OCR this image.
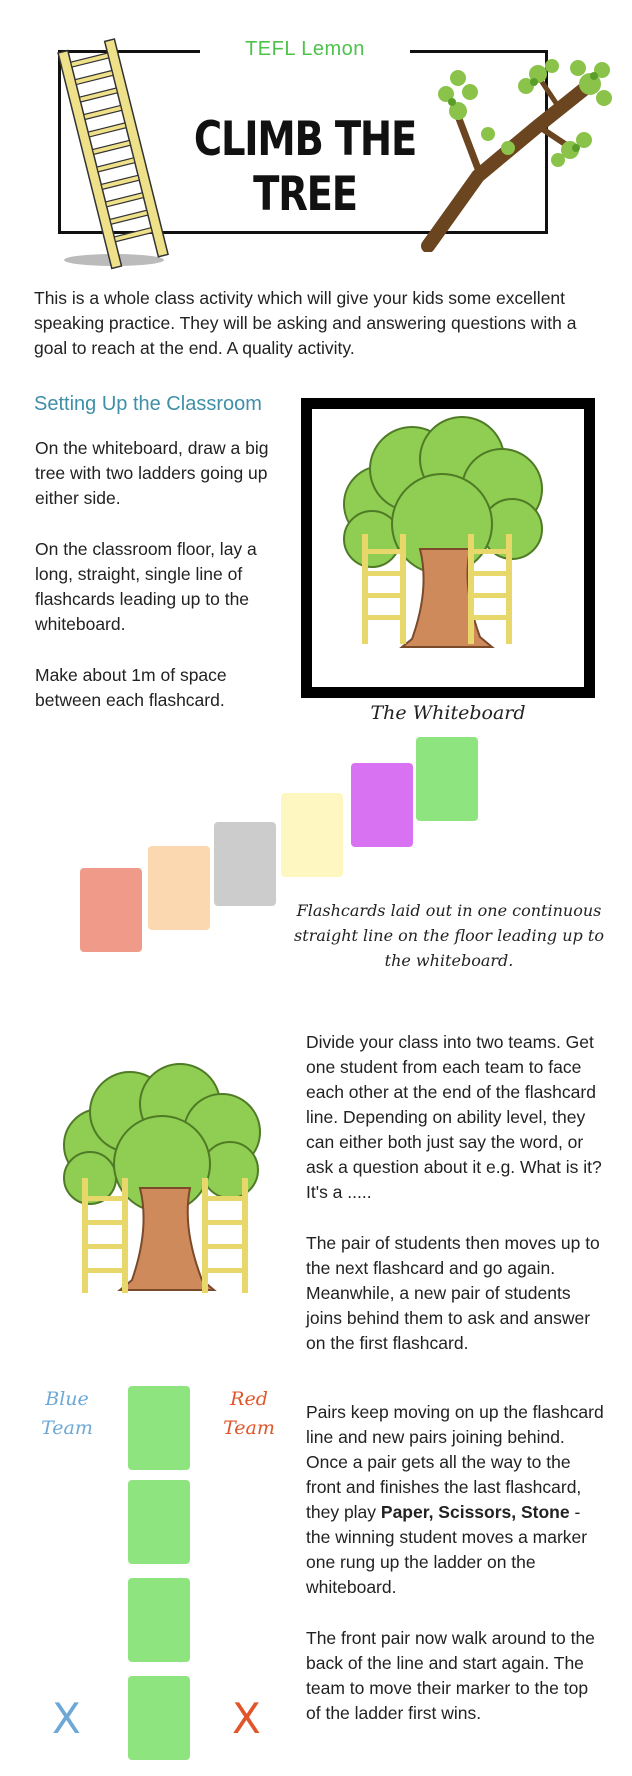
TEFL Lemon
CLIMB THE TREE
This is a whole class activity which will give your kids some excellent speaking practice. They will be asking and answering questions with a goal to reach at the end. A quality activity.
Setting Up the Classroom

On the whiteboard, draw a big tree with two ladders going up either side.

On the classroom floor, lay a long, straight, single line of flashcards leading up to the whiteboard.

Make about 1m of space between each flashcard.

The Whiteboard
Flashcards laid out in one continuous straight line on the floor leading up to the whiteboard.

Divide your class into two teams. Get one student from each team to face each other at the end of the flashcard line. Depending on ability level, they can either both just say the word, or ask a question about it e.g. What is it? It's a .....

The pair of students then moves up to the next flashcard and go again. Meanwhile, a new pair of students joins behind them to ask and answer on the first flashcard.

Blue Team
Red Team
X	X

Pairs keep moving on up the flashcard line and new pairs joining behind. Once a pair gets all the way to the front and finishes the last flashcard, they play Paper, Scissors, Stone - the winning student moves a marker one rung up the ladder on the whiteboard.

The front pair now walk around to the back of the line and start again. The team to move their marker to the top of the ladder first wins.
